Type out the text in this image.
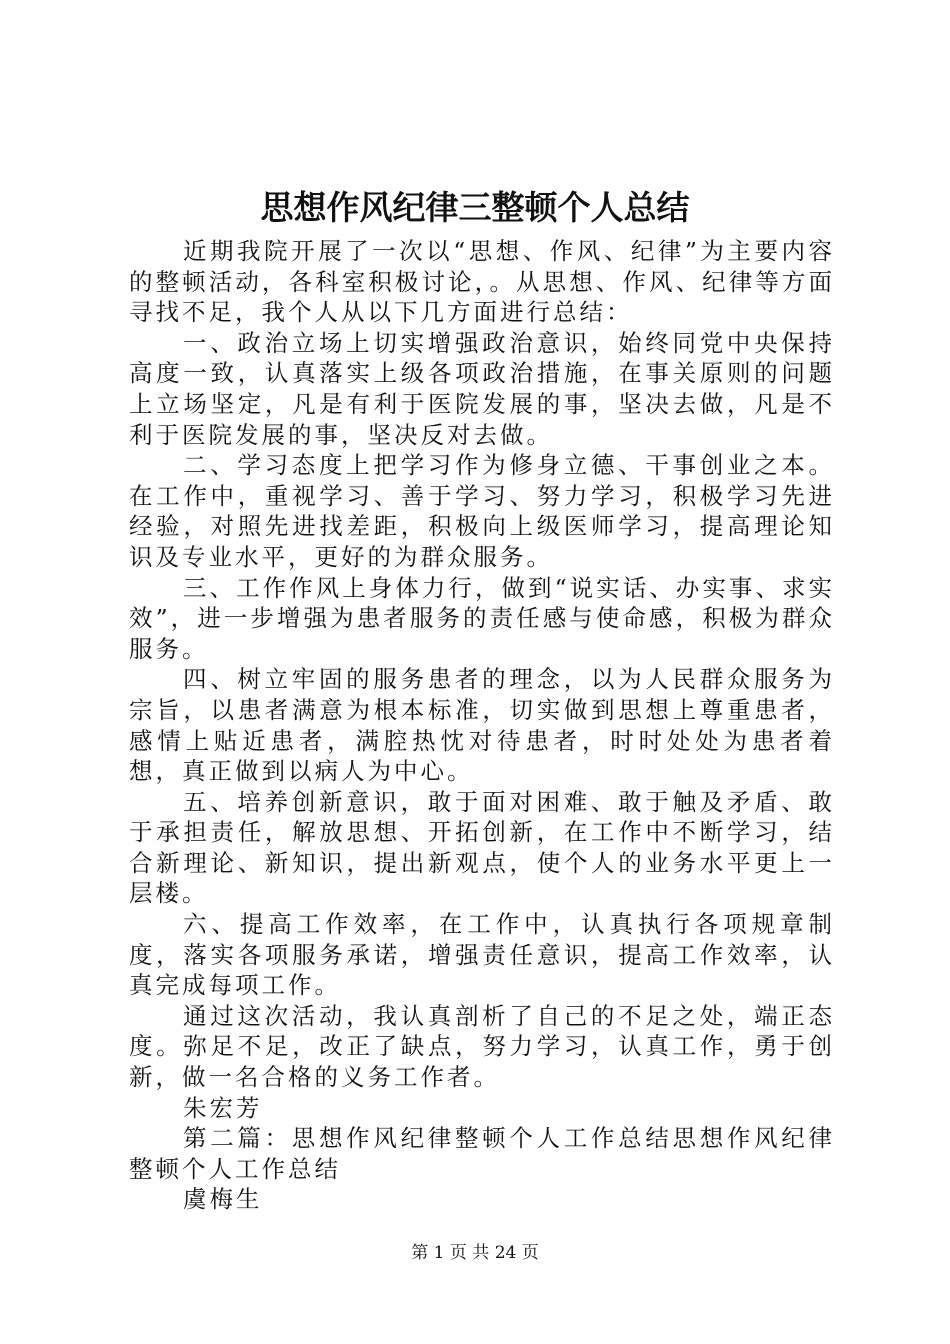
思想作风纪律三整顿个人总结

近期我院开展了一次以“思想、作风、纪律”为主要内容的整顿活动，各科室积极讨论，。从思想、作风、纪律等方面寻找不足，我个人从以下几方面进行总结：

一、政治立场上切实增强政治意识，始终同党中央保持高度一致，认真落实上级各项政治措施，在事关原则的问题上立场坚定，凡是有利于医院发展的事，坚决去做，凡是不利于医院发展的事，坚决反对去做。

二、学习态度上把学习作为修身立德、干事创业之本。在工作中，重视学习、善于学习、努力学习，积极学习先进经验，对照先进找差距，积极向上级医师学习，提高理论知识及专业水平，更好的为群众服务。

三、工作作风上身体力行，做到“说实话、办实事、求实效”，进一步增强为患者服务的责任感与使命感，积极为群众服务。

四、树立牢固的服务患者的理念，以为人民群众服务为宗旨，以患者满意为根本标准，切实做到思想上尊重患者，感情上贴近患者，满腔热忱对待患者，时时处处为患者着想，真正做到以病人为中心。

五、培养创新意识，敢于面对困难、敢于触及矛盾、敢于承担责任，解放思想、开拓创新，在工作中不断学习，结合新理论、新知识，提出新观点，使个人的业务水平更上一层楼。

六、提高工作效率，在工作中，认真执行各项规章制度，落实各项服务承诺，增强责任意识，提高工作效率，认真完成每项工作。

通过这次活动，我认真剖析了自己的不足之处，端正态度。弥足不足，改正了缺点，努力学习，认真工作，勇于创新，做一名合格的义务工作者。

朱宏芳

第二篇：思想作风纪律整顿个人工作总结思想作风纪律整顿个人工作总结

虞梅生

第 1 页 共 24 页
